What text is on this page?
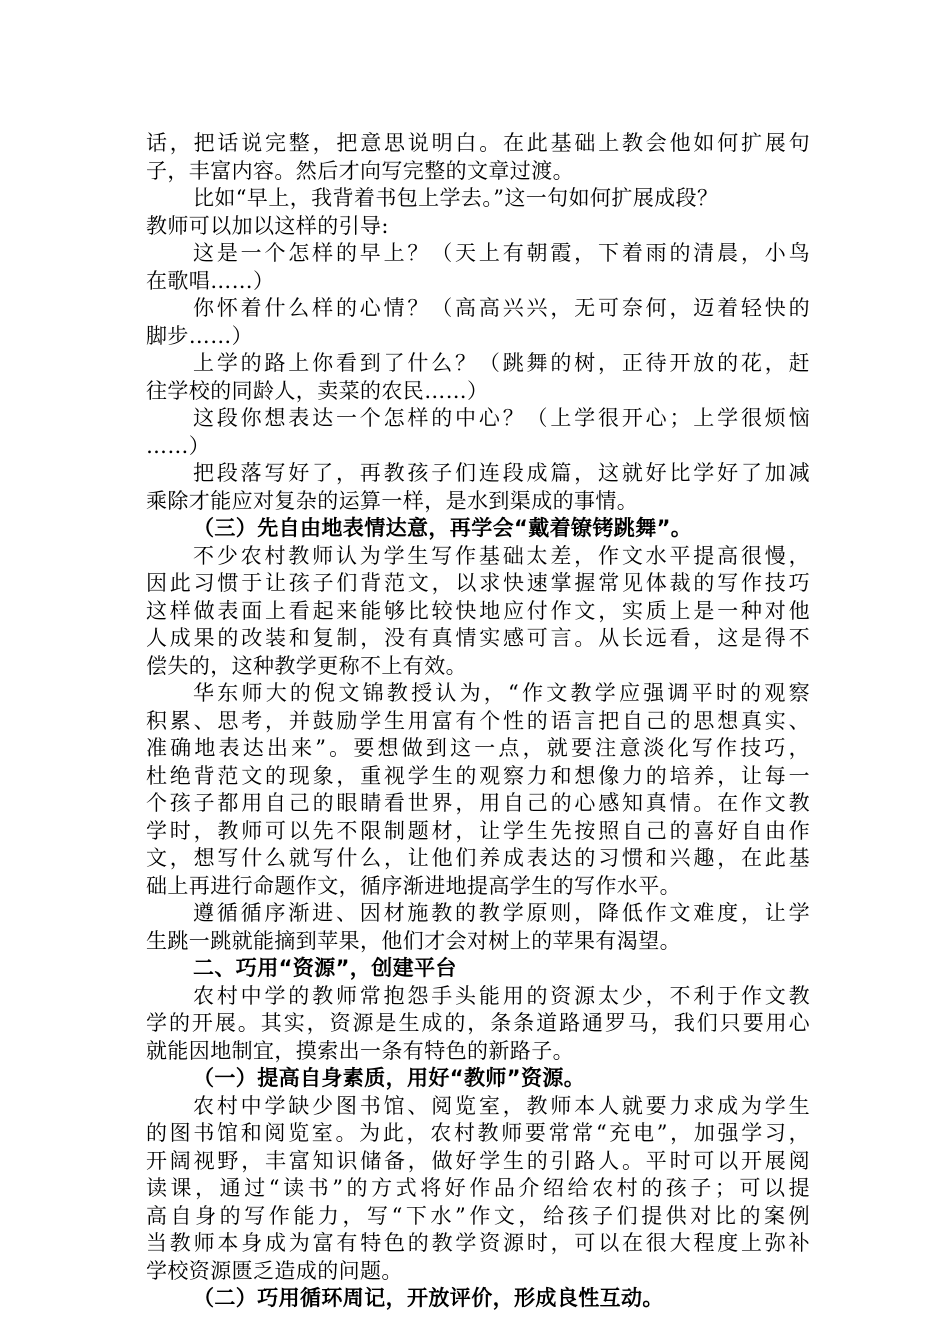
话，把话说完整，把意思说明白。在此基础上教会他如何扩展句
子，丰富内容。然后才向写完整的文章过渡。
比如“早上，我背着书包上学去。”这一句如何扩展成段？
教师可以加以这样的引导:
这是一个怎样的早上？（天上有朝霞，下着雨的清晨，小鸟
在歌唱……）
你怀着什么样的心情？（高高兴兴，无可奈何，迈着轻快的
脚步……）
上学的路上你看到了什么？（跳舞的树，正待开放的花，赶
往学校的同龄人，卖菜的农民……）
这段你想表达一个怎样的中心？（上学很开心；上学很烦恼
……）
把段落写好了，再教孩子们连段成篇，这就好比学好了加减
乘除才能应对复杂的运算一样，是水到渠成的事情。
（三）先自由地表情达意，再学会“戴着镣铐跳舞”。
不少农村教师认为学生写作基础太差，作文水平提高很慢，
因此习惯于让孩子们背范文，以求快速掌握常见体裁的写作技巧
这样做表面上看起来能够比较快地应付作文，实质上是一种对他
人成果的改装和复制，没有真情实感可言。从长远看，这是得不
偿失的，这种教学更称不上有效。
华东师大的倪文锦教授认为，“作文教学应强调平时的观察
积累、思考，并鼓励学生用富有个性的语言把自己的思想真实、
准确地表达出来”。要想做到这一点，就要注意淡化写作技巧，
杜绝背范文的现象，重视学生的观察力和想像力的培养，让每一
个孩子都用自己的眼睛看世界，用自己的心感知真情。在作文教
学时，教师可以先不限制题材，让学生先按照自己的喜好自由作
文，想写什么就写什么，让他们养成表达的习惯和兴趣，在此基
础上再进行命题作文，循序渐进地提高学生的写作水平。
遵循循序渐进、因材施教的教学原则，降低作文难度，让学
生跳一跳就能摘到苹果，他们才会对树上的苹果有渴望。
二、巧用“资源”，创建平台
农村中学的教师常抱怨手头能用的资源太少，不利于作文教
学的开展。其实，资源是生成的，条条道路通罗马，我们只要用心
就能因地制宜，摸索出一条有特色的新路子。
（一）提高自身素质，用好“教师”资源。
农村中学缺少图书馆、阅览室，教师本人就要力求成为学生
的图书馆和阅览室。为此，农村教师要常常“充电”，加强学习，
开阔视野，丰富知识储备，做好学生的引路人。平时可以开展阅
读课，通过“读书”的方式将好作品介绍给农村的孩子；可以提
高自身的写作能力，写“下水”作文，给孩子们提供对比的案例
当教师本身成为富有特色的教学资源时，可以在很大程度上弥补
学校资源匮乏造成的问题。
（二）巧用循环周记，开放评价，形成良性互动。
